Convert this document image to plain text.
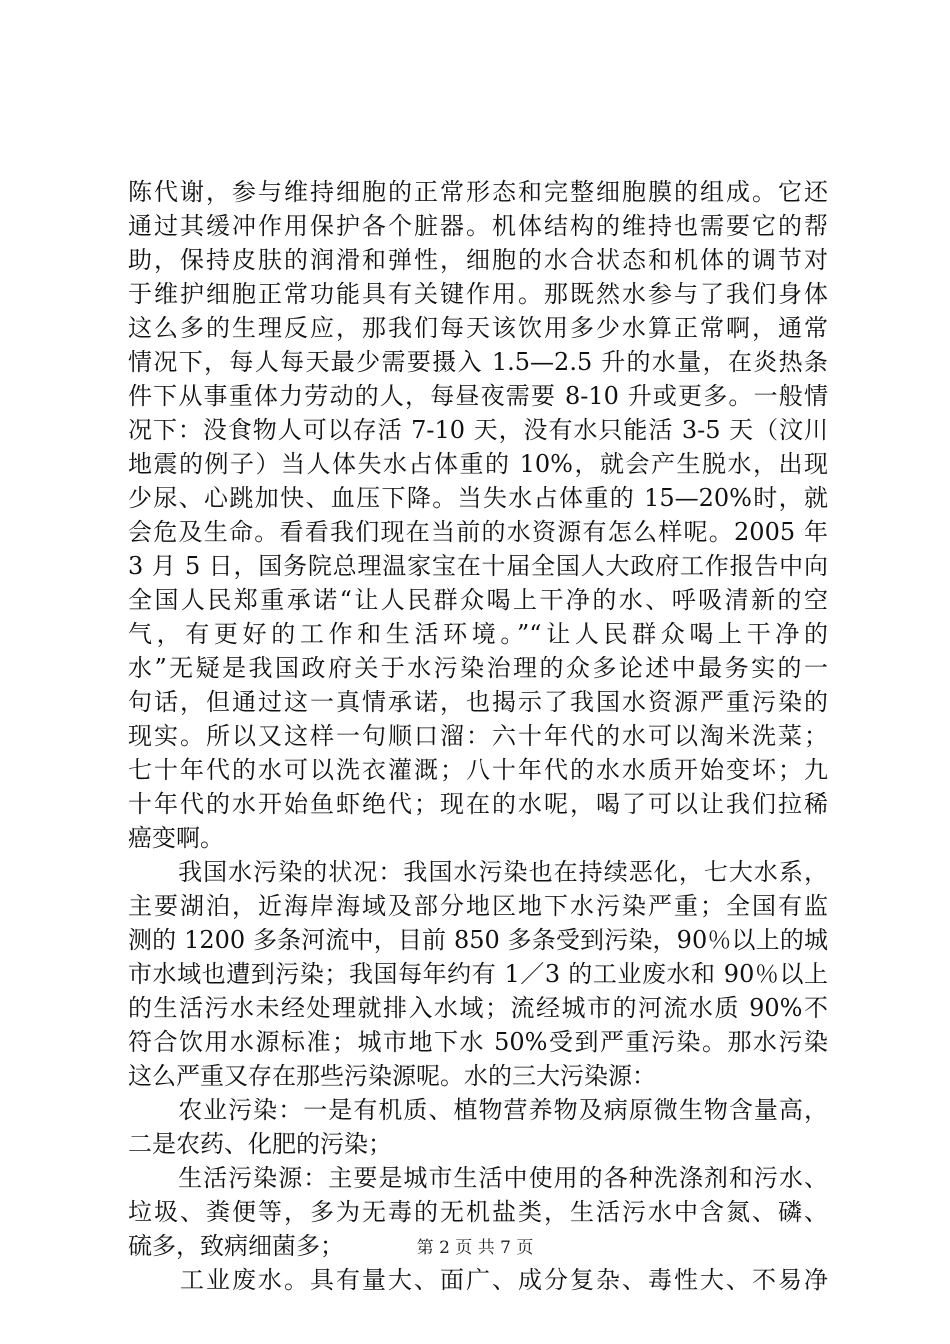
陈代谢，参与维持细胞的正常形态和完整细胞膜的组成。它还
通过其缓冲作用保护各个脏器。机体结构的维持也需要它的帮
助，保持皮肤的润滑和弹性，细胞的水合状态和机体的调节对
于维护细胞正常功能具有关键作用。那既然水参与了我们身体
这么多的生理反应，那我们每天该饮用多少水算正常啊，通常
情况下，每人每天最少需要摄入 1.5—2.5 升的水量，在炎热条
件下从事重体力劳动的人，每昼夜需要 8-10 升或更多。一般情
况下：没食物人可以存活 7-10 天，没有水只能活 3-5 天（汶川
地震的例子）当人体失水占体重的 10%，就会产生脱水，出现
少尿、心跳加快、血压下降。当失水占体重的 15—20%时，就
会危及生命。看看我们现在当前的水资源有怎么样呢。2005 年
3 月 5 日，国务院总理温家宝在十届全国人大政府工作报告中向
全国人民郑重承诺“让人民群众喝上干净的水、呼吸清新的空
气，有更好的工作和生活环境。”“让人民群众喝上干净的
水”无疑是我国政府关于水污染治理的众多论述中最务实的一
句话，但通过这一真情承诺，也揭示了我国水资源严重污染的
现实。所以又这样一句顺口溜：六十年代的水可以淘米洗菜；
七十年代的水可以洗衣灌溉；八十年代的水水质开始变坏；九
十年代的水开始鱼虾绝代；现在的水呢，喝了可以让我们拉稀
癌变啊。
　　我国水污染的状况：我国水污染也在持续恶化，七大水系，
主要湖泊，近海岸海域及部分地区地下水污染严重；全国有监
测的 1200 多条河流中，目前 850 多条受到污染，90％以上的城
市水域也遭到污染；我国每年约有 1／3 的工业废水和 90％以上
的生活污水未经处理就排入水域；流经城市的河流水质 90%不
符合饮用水源标准；城市地下水 50%受到严重污染。那水污染
这么严重又存在那些污染源呢。水的三大污染源：
　　农业污染：一是有机质、植物营养物及病原微生物含量高，
二是农药、化肥的污染；
　　生活污染源：主要是城市生活中使用的各种洗涤剂和污水、
垃圾、粪便等，多为无毒的无机盐类，生活污水中含氮、磷、
硫多，致病细菌多；
　　工业废水。具有量大、面广、成分复杂、毒性大、不易净
第 2 页 共 7 页
